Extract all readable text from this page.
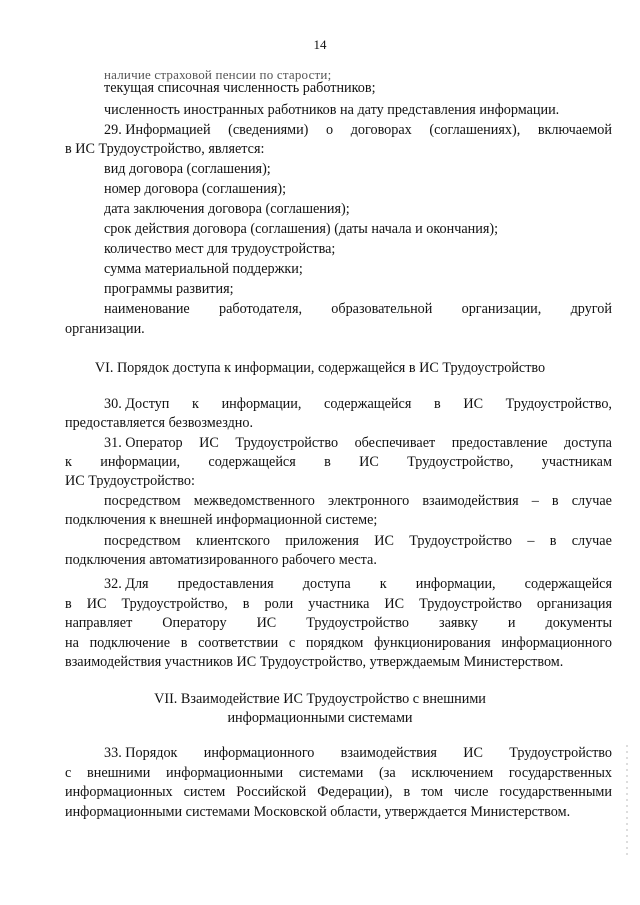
14
наличие страховой пенсии по старости;
текущая списочная численность работников;
численность иностранных работников на дату представления информации.
29. Информацией (сведениями) о договорах (соглашениях), включаемой
в ИС Трудоустройство, является:
вид договора (соглашения);
номер договора (соглашения);
дата заключения договора (соглашения);
срок действия договора (соглашения) (даты начала и окончания);
количество мест для трудоустройства;
сумма материальной поддержки;
программы развития;
наименование работодателя, образовательной организации, другой
организации.
VI. Порядок доступа к информации, содержащейся в ИС Трудоустройство
30. Доступ к информации, содержащейся в ИС Трудоустройство,
предоставляется безвозмездно.
31. Оператор ИС Трудоустройство обеспечивает предоставление доступа
к информации, содержащейся в ИС Трудоустройство, участникам
ИС Трудоустройство:
посредством межведомственного электронного взаимодействия – в случае
подключения к внешней информационной системе;
посредством клиентского приложения ИС Трудоустройство – в случае
подключения автоматизированного рабочего места.
32. Для предоставления доступа к информации, содержащейся
в ИС Трудоустройство, в роли участника ИС Трудоустройство организация
направляет Оператору ИС Трудоустройство заявку и документы
на подключение в соответствии с порядком функционирования информационного
взаимодействия участников ИС Трудоустройство, утверждаемым Министерством.
VII. Взаимодействие ИС Трудоустройство с внешними
информационными системами
33. Порядок информационного взаимодействия ИС Трудоустройство
с внешними информационными системами (за исключением государственных
информационных систем Российской Федерации), в том числе государственными
информационными системами Московской области, утверждается Министерством.
